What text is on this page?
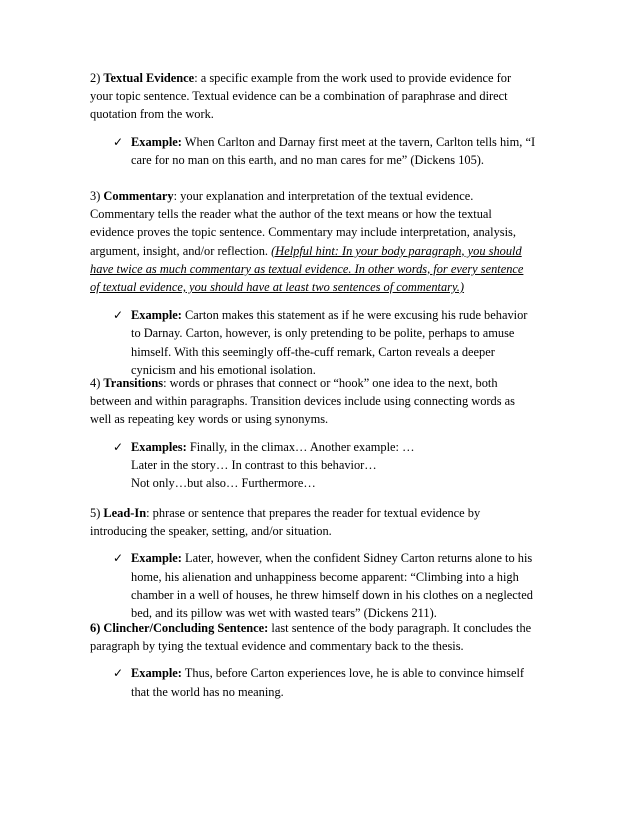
2) Textual Evidence: a specific example from the work used to provide evidence for
your topic sentence. Textual evidence can be a combination of paraphrase and direct
quotation from the work.
✓ Example: When Carlton and Darnay first meet at the tavern, Carlton tells him, “I
care for no man on this earth, and no man cares for me” (Dickens 105).
3) Commentary: your explanation and interpretation of the textual evidence.
Commentary tells the reader what the author of the text means or how the textual
evidence proves the topic sentence. Commentary may include interpretation, analysis,
argument, insight, and/or reflection. (Helpful hint: In your body paragraph, you should
have twice as much commentary as textual evidence. In other words, for every sentence
of textual evidence, you should have at least two sentences of commentary.)
✓ Example: Carton makes this statement as if he were excusing his rude behavior
to Darnay. Carton, however, is only pretending to be polite, perhaps to amuse
himself. With this seemingly off-the-cuff remark, Carton reveals a deeper
cynicism and his emotional isolation.
4) Transitions: words or phrases that connect or “hook” one idea to the next, both
between and within paragraphs. Transition devices include using connecting words as
well as repeating key words or using synonyms.
✓ Examples: Finally, in the climax… Another example: …
Later in the story… In contrast to this behavior…
Not only…but also… Furthermore…
5) Lead-In: phrase or sentence that prepares the reader for textual evidence by
introducing the speaker, setting, and/or situation.
✓ Example: Later, however, when the confident Sidney Carton returns alone to his
home, his alienation and unhappiness become apparent: “Climbing into a high
chamber in a well of houses, he threw himself down in his clothes on a neglected
bed, and its pillow was wet with wasted tears” (Dickens 211).
6) Clincher/Concluding Sentence: last sentence of the body paragraph. It concludes the
paragraph by tying the textual evidence and commentary back to the thesis.
✓ Example: Thus, before Carton experiences love, he is able to convince himself
that the world has no meaning.
